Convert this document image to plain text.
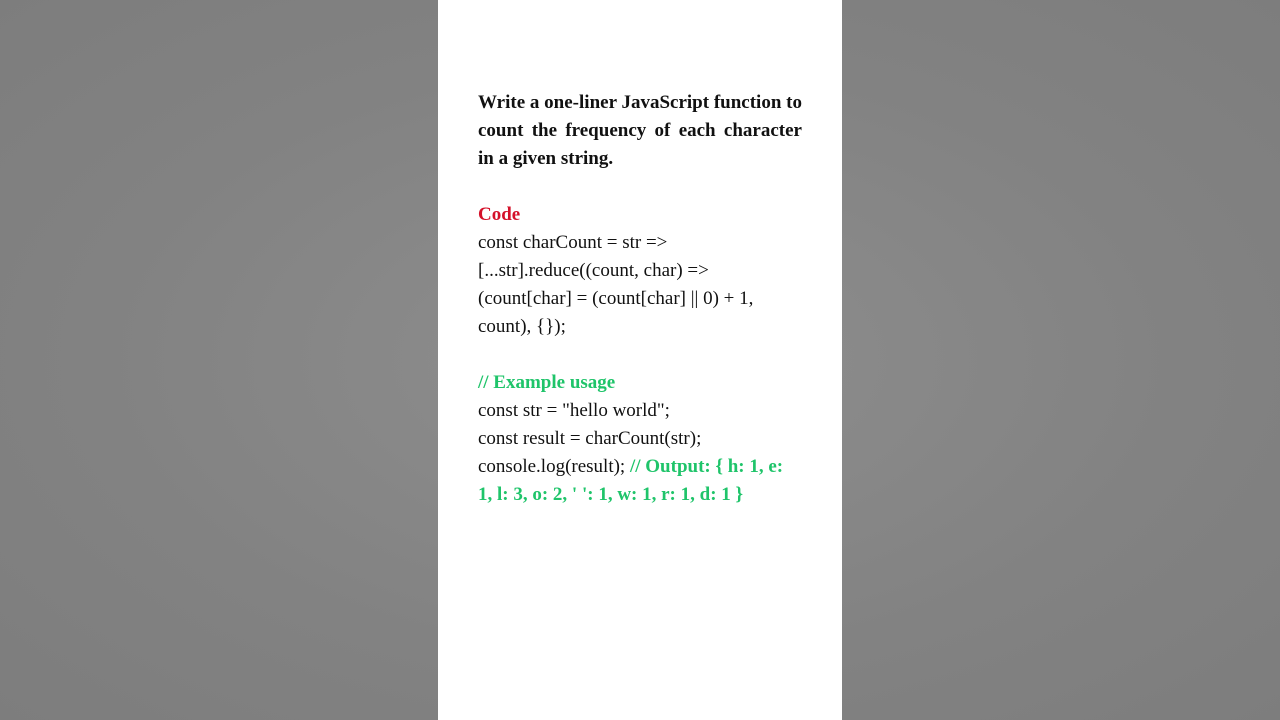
Write a one-liner JavaScript function to count the frequency of each character in a given string.

Code
const charCount = str =>
[...str].reduce((count, char) =>
(count[char] = (count[char] || 0) + 1,
count), {});
// Example usage
const str = "hello world";
const result = charCount(str);
console.log(result); // Output: { h: 1, e: 1, l: 3, o: 2, ' ': 1, w: 1, r: 1, d: 1 }
